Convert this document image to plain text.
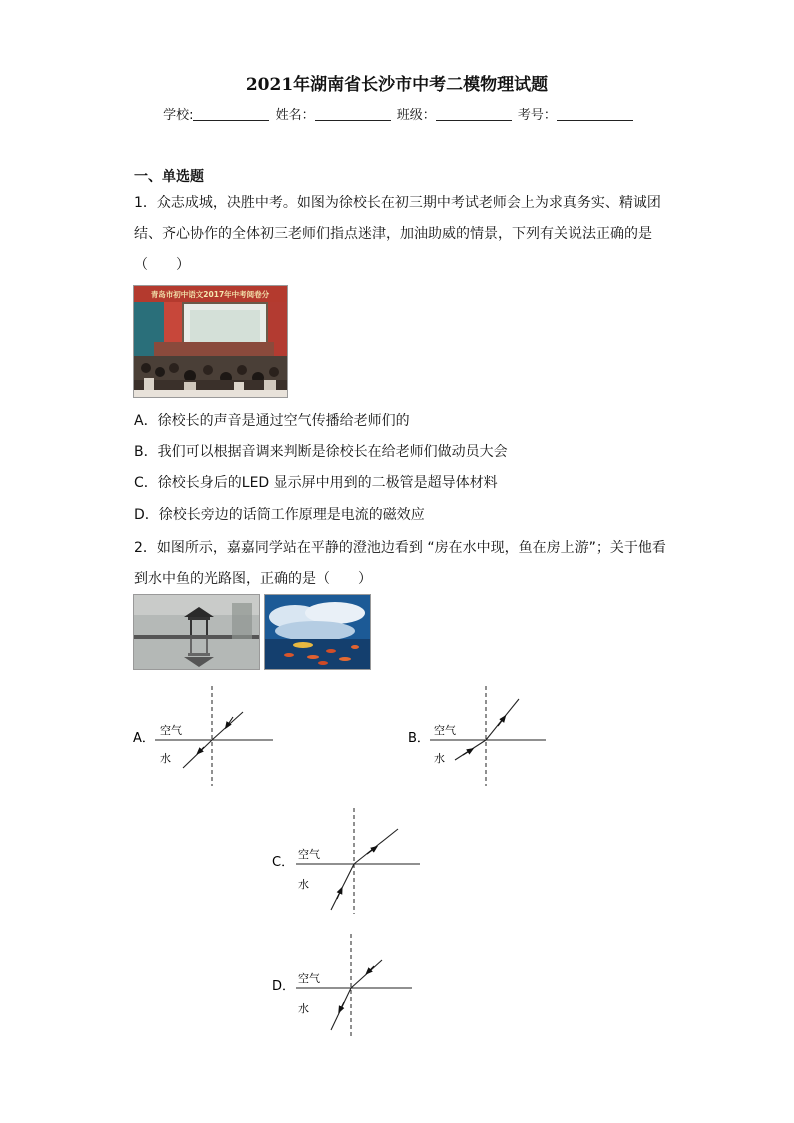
2021年湖南省长沙市中考二模物理试题
学校:	姓名：	班级：	考号：
一、单选题
1．众志成城，决胜中考。如图为徐校长在初三期中考试老师会上为求真务实、精诚团
结、齐心协作的全体初三老师们指点迷津，加油助威的情景，下列有关说法正确的是
（　　）
青岛市初中语文2017年中考阅卷分
A．徐校长的声音是通过空气传播给老师们的
B．我们可以根据音调来判断是徐校长在给老师们做动员大会
C．徐校长身后的LED 显示屏中用到的二极管是超导体材料
D．徐校长旁边的话筒工作原理是电流的磁效应
2．如图所示，嘉嘉同学站在平静的澄池边看到 “房在水中现，鱼在房上游”；关于他看
到水中鱼的光路图，正确的是（　　）
A．
空气
水
B．
空气
水
C．
空气
水
D．
空气
水
